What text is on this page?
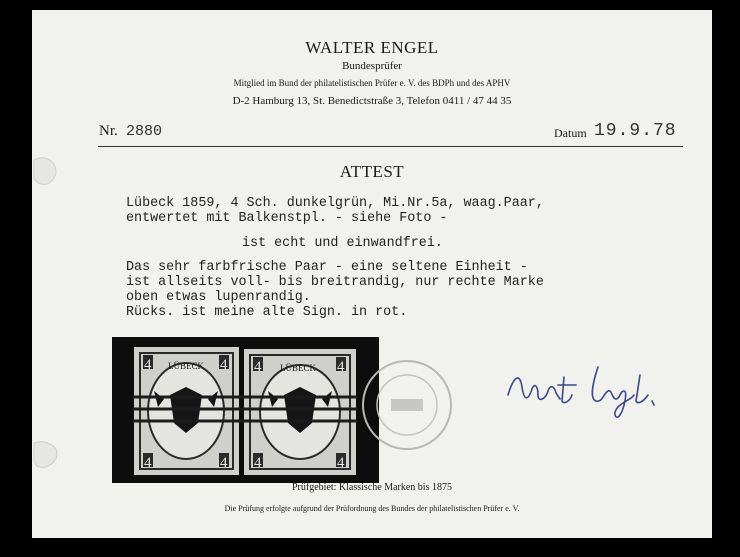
WALTER ENGEL
Bundesprüfer
Mitglied im Bund der philatelistischen Prüfer e. V. des BDPh und des APHV
D-2 Hamburg 13, St. Benedictstraße 3, Telefon 0411 / 47 44 35
Nr. 2880	Datum 19.9.78
ATTEST
Lübeck 1859, 4 Sch. dunkelgrün, Mi.Nr.5a, waag.Paar,
entwertet mit Balkenstpl. - siehe Foto -
ist echt und einwandfrei.
Das sehr farbfrische Paar - eine seltene Einheit -
ist allseits voll- bis breitrandig, nur rechte Marke
oben etwas lupenrandig.
Rücks. ist meine alte Sign. in rot.
4	4
4	4
LÜBECK	4	4
4	4
LÜBECK
Prüfgebiet: Klassische Marken bis 1875
Die Prüfung erfolgte aufgrund der Prüfordnung des Bundes der philatelistischen Prüfer e. V.
